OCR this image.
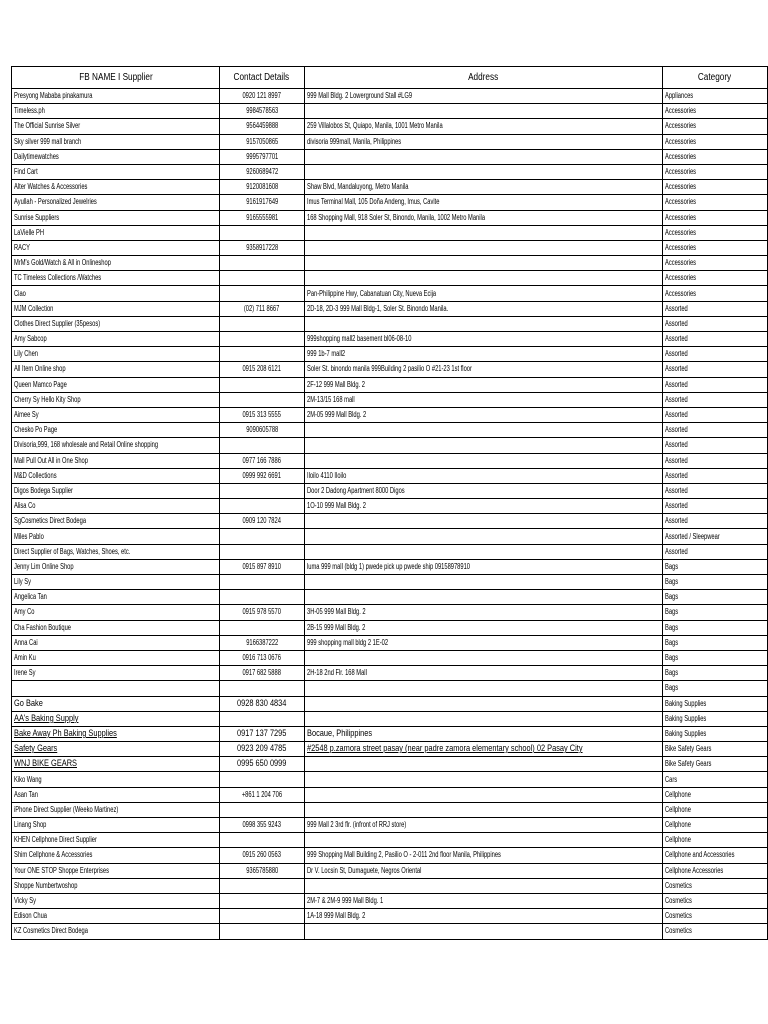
FB NAME I Supplier	Contact Details	Address	Category
Presyong Mababa pinakamura	0920 121 8997	999 Mall Bldg. 2 Lowerground Stall #LG9	Appliances
Timeless.ph	9984578563		Accessories
The Official Sunrise Silver	9564459888	259 Villalobos St, Quiapo, Manila, 1001 Metro Manila	Accessories
Sky silver 999 mall branch	9157050865	divisoria 999mall, Manila, Philippines	Accessories
Dailytimewatches	9995797701		Accessories
Find Cart	9260689472		Accessories
Alter Watches & Accessories	9120081608	Shaw Blvd, Mandaluyong, Metro Manila	Accessories
Ayullah - Personalized Jewelries	9161917649	Imus Terminal Mall, 105 Doña Andeng, Imus, Cavite	Accessories
Sunrise Suppliers	9165555981	168 Shopping Mall, 918 Soler St, Binondo, Manila, 1002 Metro Manila	Accessories
LaVielle PH			Accessories
RACY	9358917228		Accessories
MrM's Gold/Watch & All in Onlineshop			Accessories
TC Timeless Collections /Watches			Accessories
Ciao		Pan-Philippine Hwy, Cabanatuan City, Nueva Ecija	Accessories
MJM Collection	(02) 711 8667	2D-18, 2D-3 999 Mall Bldg-1, Soler St. Binondo Manila.	Assorted
Clothes Direct Supplier (35pesos)			Assorted
Amy Sabcop		999shopping mall2 basement bl06-08-10	Assorted
Lily Chen		999 1b-7 mall2	Assorted
All Item Online shop	0915 208 6121	Soler St. binondo manila 999Building 2 pasilio O #21-23 1st floor	Assorted
Queen Mamco Page		2F-12 999 Mall Bldg. 2	Assorted
Cherry Sy Hello Kity Shop		2M-13/15 168 mall	Assorted
Aimee Sy	0915 313 5555	2M-05 999 Mall Bldg. 2	Assorted
Chesko Po Page	9090605788		Assorted
Divisoria,999, 168 wholesale and Retail Online shopping			Assorted
Mall Pull Out All in One Shop	0977 166 7886		Assorted
M&D Collections	0999 992 6691	Iloilo 4110 Iloilo	Assorted
Digos Bodega Supplier		Door 2 Dadong Apartment 8000 Digos	Assorted
Alisa Co		1O-10 999 Mall Bldg. 2	Assorted
SgCosmetics Direct Bodega	0909 120 7824		Assorted
Miles Pablo			Assorted / Sleepwear
Direct Supplier of Bags, Watches, Shoes, etc.			Assorted
Jenny Lim Online Shop	0915 897 8910	luma 999 mall (bldg 1) pwede pick up pwede ship 09158978910	Bags
Lily Sy			Bags
Angelica Tan			Bags
Amy Co	0915 978 5570	3H-05 999 Mall Bldg. 2	Bags
Cha Fashion Boutique		2B-15 999 Mall Bldg. 2	Bags
Anna Cai	9166387222	999 shopping mall bldg 2 1E-02	Bags
Amin Ku	0916 713 0676		Bags
Irene Sy	0917 682 5888	2H-18 2nd Flr. 168 Mall	Bags
			Bags
Go Bake	0928 830 4834		Baking Supplies
AA's Baking Supply			Baking Supplies
Bake Away Ph Baking Supplies	0917 137 7295	Bocaue, Philippines	Baking Supplies
Safety Gears	0923 209 4785	#2548 p.zamora street pasay (near padre zamora elementary school) 02 Pasay City	Bike Safety Gears
WNJ BIKE GEARS	0995 650 0999		Bike Safety Gears
Kiko Wang			Cars
Asan Tan	+861 1 204 706		Cellphone
iPhone Direct Supplier (Weeko Martinez)			Cellphone
Linang Shop	0998 355 9243	999 Mall 2 3rd flr. (infront of RRJ store)	Cellphone
KHEN Cellphone Direct Supplier			Cellphone
Shim Cellphone & Accessories	0915 260 0563	999 Shopping Mall Building 2, Pasilio O - 2-011 2nd floor Manila, Philippines	Cellphone and Accessories
Your ONE STOP Shoppe Enterprises	9365785880	Dr V. Locsin St, Dumaguete, Negros Oriental	Cellphone Accessories
Shoppe Numbertwoshop			Cosmetics
Vicky Sy		2M-7 & 2M-9 999 Mall Bldg. 1	Cosmetics
Edison Chua		1A-18 999 Mall Bldg. 2	Cosmetics
KZ Cosmetics Direct Bodega			Cosmetics
